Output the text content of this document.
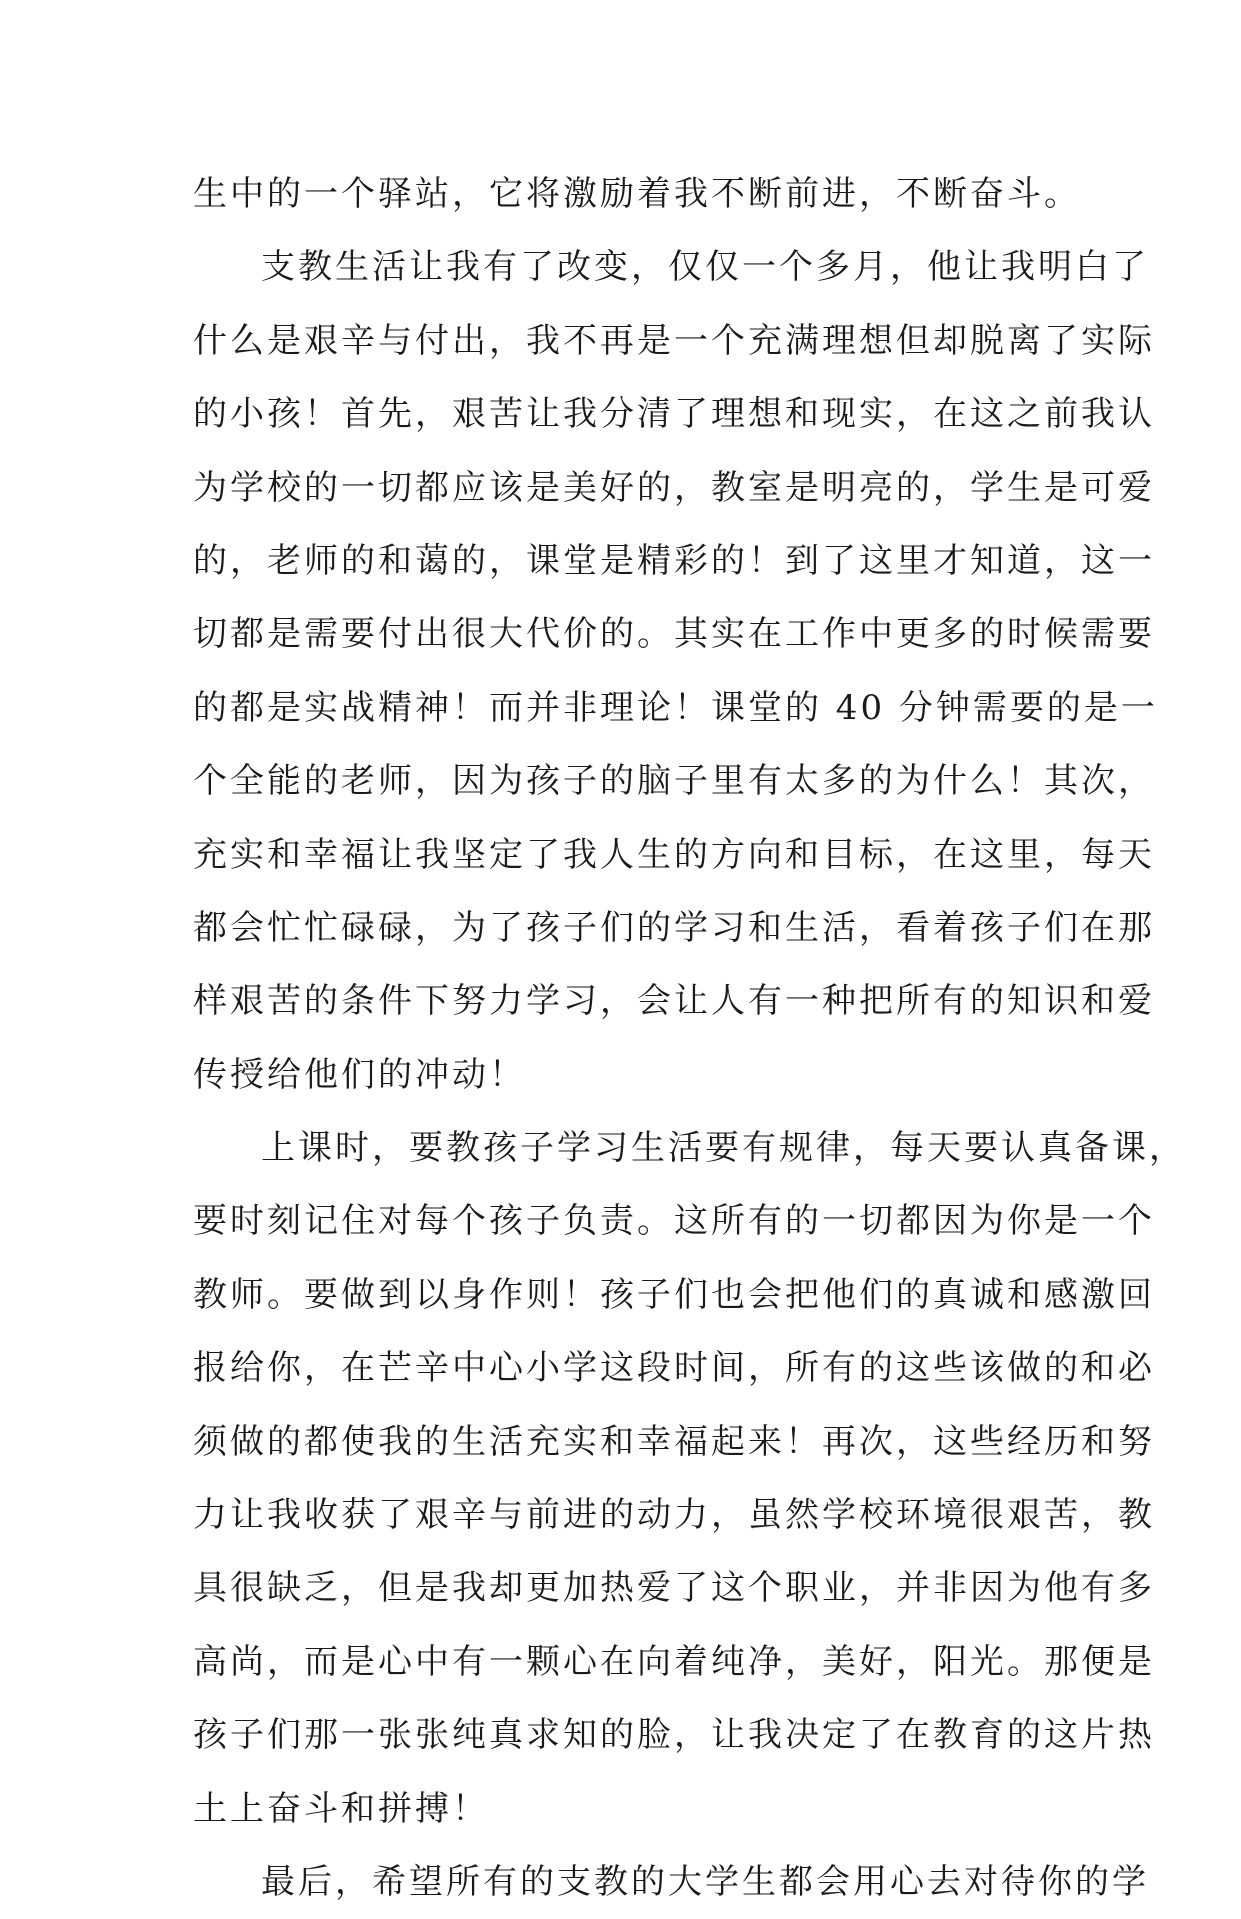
生中的一个驿站，它将激励着我不断前进，不断奋斗。
支教生活让我有了改变，仅仅一个多月，他让我明白了
什么是艰辛与付出，我不再是一个充满理想但却脱离了实际
的小孩！首先，艰苦让我分清了理想和现实，在这之前我认
为学校的一切都应该是美好的，教室是明亮的，学生是可爱
的，老师的和蔼的，课堂是精彩的！到了这里才知道，这一
切都是需要付出很大代价的。其实在工作中更多的时候需要
的都是实战精神！而并非理论！课堂的 40 分钟需要的是一
个全能的老师，因为孩子的脑子里有太多的为什么！其次，
充实和幸福让我坚定了我人生的方向和目标，在这里，每天
都会忙忙碌碌，为了孩子们的学习和生活，看着孩子们在那
样艰苦的条件下努力学习，会让人有一种把所有的知识和爱
传授给他们的冲动！
上课时，要教孩子学习生活要有规律，每天要认真备课，
要时刻记住对每个孩子负责。这所有的一切都因为你是一个
教师。要做到以身作则！孩子们也会把他们的真诚和感激回
报给你，在芒辛中心小学这段时间，所有的这些该做的和必
须做的都使我的生活充实和幸福起来！再次，这些经历和努
力让我收获了艰辛与前进的动力，虽然学校环境很艰苦，教
具很缺乏，但是我却更加热爱了这个职业，并非因为他有多
高尚，而是心中有一颗心在向着纯净，美好，阳光。那便是
孩子们那一张张纯真求知的脸，让我决定了在教育的这片热
土上奋斗和拼搏！
最后，希望所有的支教的大学生都会用心去对待你的学
